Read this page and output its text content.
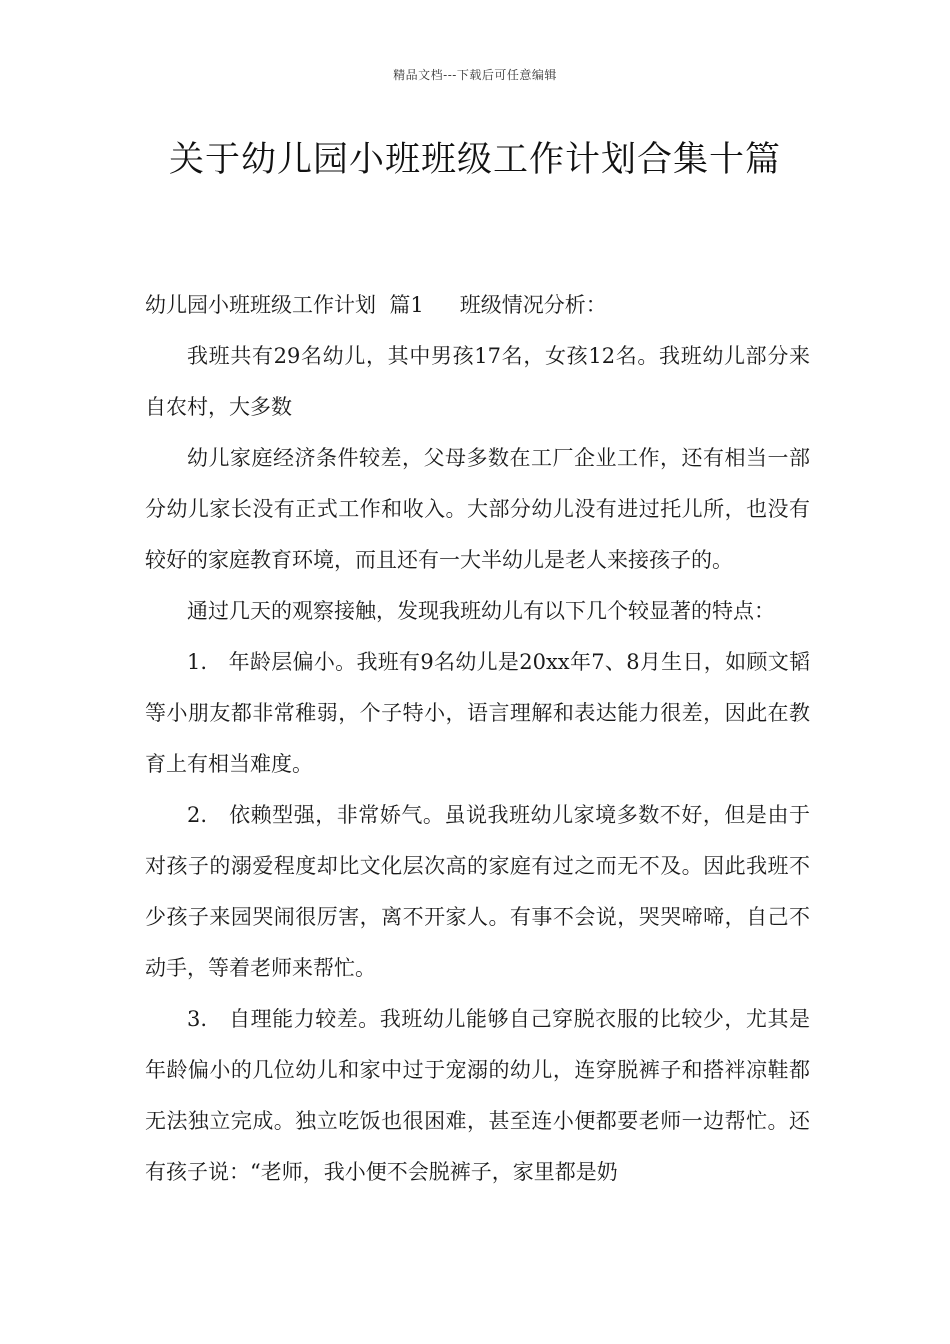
精品文档---下载后可任意编辑
关于幼儿园小班班级工作计划合集十篇

幼儿园小班班级工作计划  篇1 班级情况分析：

我班共有29名幼儿，其中男孩17名，女孩12名。我班幼儿部分来自农村，大多数

幼儿家庭经济条件较差，父母多数在工厂企业工作，还有相当一部分幼儿家长没有正式工作和收入。大部分幼儿没有进过托儿所，也没有较好的家庭教育环境，而且还有一大半幼儿是老人来接孩子的。

通过几天的观察接触，发现我班幼儿有以下几个较显著的特点：

1.　年龄层偏小。我班有9名幼儿是20xx年7、8月生日，如顾文韬等小朋友都非常稚弱，个子特小，语言理解和表达能力很差，因此在教育上有相当难度。

2.　依赖型强，非常娇气。虽说我班幼儿家境多数不好，但是由于对孩子的溺爱程度却比文化层次高的家庭有过之而无不及。因此我班不少孩子来园哭闹很厉害，离不开家人。有事不会说，哭哭啼啼，自己不动手，等着老师来帮忙。

3.　自理能力较差。我班幼儿能够自己穿脱衣服的比较少，尤其是年龄偏小的几位幼儿和家中过于宠溺的幼儿，连穿脱裤子和搭袢凉鞋都无法独立完成。独立吃饭也很困难，甚至连小便都要老师一边帮忙。还有孩子说：“老师，我小便不会脱裤子，家里都是奶
